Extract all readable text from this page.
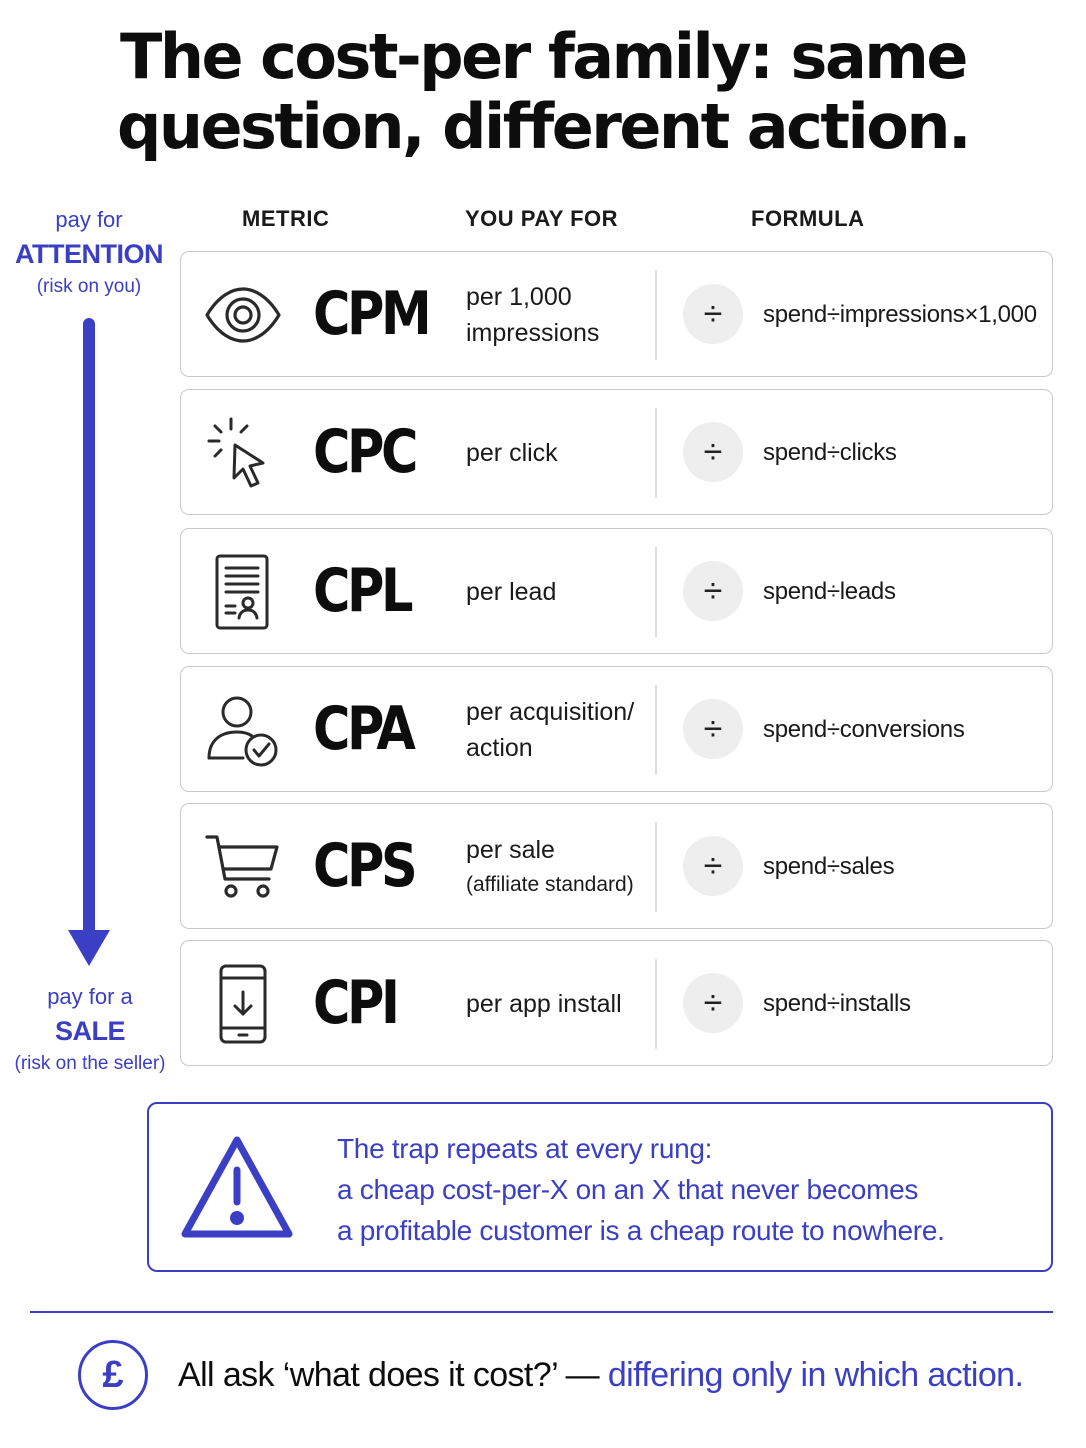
The cost-per family: same
question, different action.
pay for
ATTENTION
(risk on you)
pay for a
SALE
(risk on the seller)
METRIC	YOU PAY FOR	FORMULA
CPM per 1,000
impressions	÷	spend÷impressions×1,000
CPC per click	÷	spend÷clicks
CPL per lead	÷	spend÷leads
CPA per acquisition/
action	÷	spend÷conversions
CPS per sale
(affiliate standard)	÷	spend÷sales
CPI	per app install	÷	spend÷installs
The trap repeats at every rung:
a cheap cost-per-X on an X that never becomes
a profitable customer is a cheap route to nowhere.
£	All ask ‘what does it cost?’ — differing only in which action.
